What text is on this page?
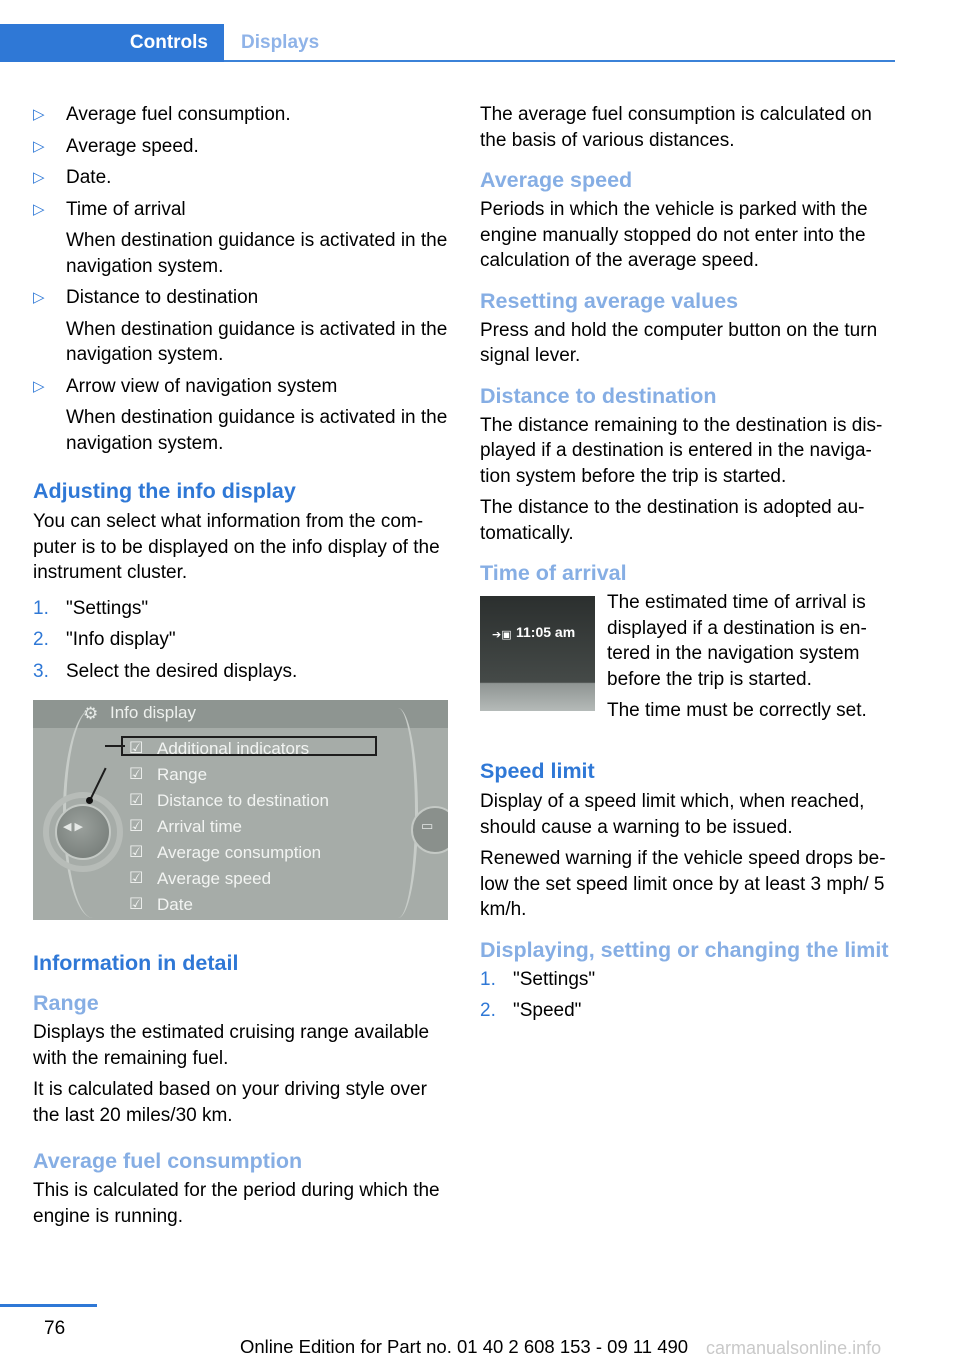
Controls	Displays
▷ Average fuel consumption.
▷ Average speed.
▷ Date.
▷ Time of arrival
When destination guidance is activated in the navigation system.
▷ Distance to destination
When destination guidance is activated in the navigation system.
▷ Arrow view of navigation system
When destination guidance is activated in the navigation system.
Adjusting the info display

You can select what information from the com-puter is to be displayed on the info display of the instrument cluster.

1. "Settings"
2. "Info display"
3. Select the desired displays.
⚙ Info display
☑ Additional indicators
☑ Range
☑ Distance to destination
☑ Arrival time
☑ Average consumption
☑ Average speed
☑ Date
◀ ▶	▭
Information in detail
Range

Displays the estimated cruising range available with the remaining fuel.

It is calculated based on your driving style over the last 20 miles/30 km.

Average fuel consumption

This is calculated for the period during which the engine is running.

The average fuel consumption is calculated on the basis of various distances.

Average speed

Periods in which the vehicle is parked with the engine manually stopped do not enter into the calculation of the average speed.

Resetting average values

Press and hold the computer button on the turn signal lever.

Distance to destination

The distance remaining to the destination is dis-played if a destination is entered in the naviga-tion system before the trip is started.

The distance to the destination is adopted au-tomatically.

Time of arrival
➔▣ 11:05 am

The estimated time of arrival is displayed if a destination is en-tered in the navigation system before the trip is started.

The time must be correctly set.

Speed limit

Display of a speed limit which, when reached, should cause a warning to be issued.

Renewed warning if the vehicle speed drops be-low the set speed limit once by at least 3 mph/ 5 km/h.

Displaying, setting or changing the limit
1. "Settings"
2. "Speed"
76
Online Edition for Part no. 01 40 2 608 153 - 09 11 490 carmanualsonline.info
